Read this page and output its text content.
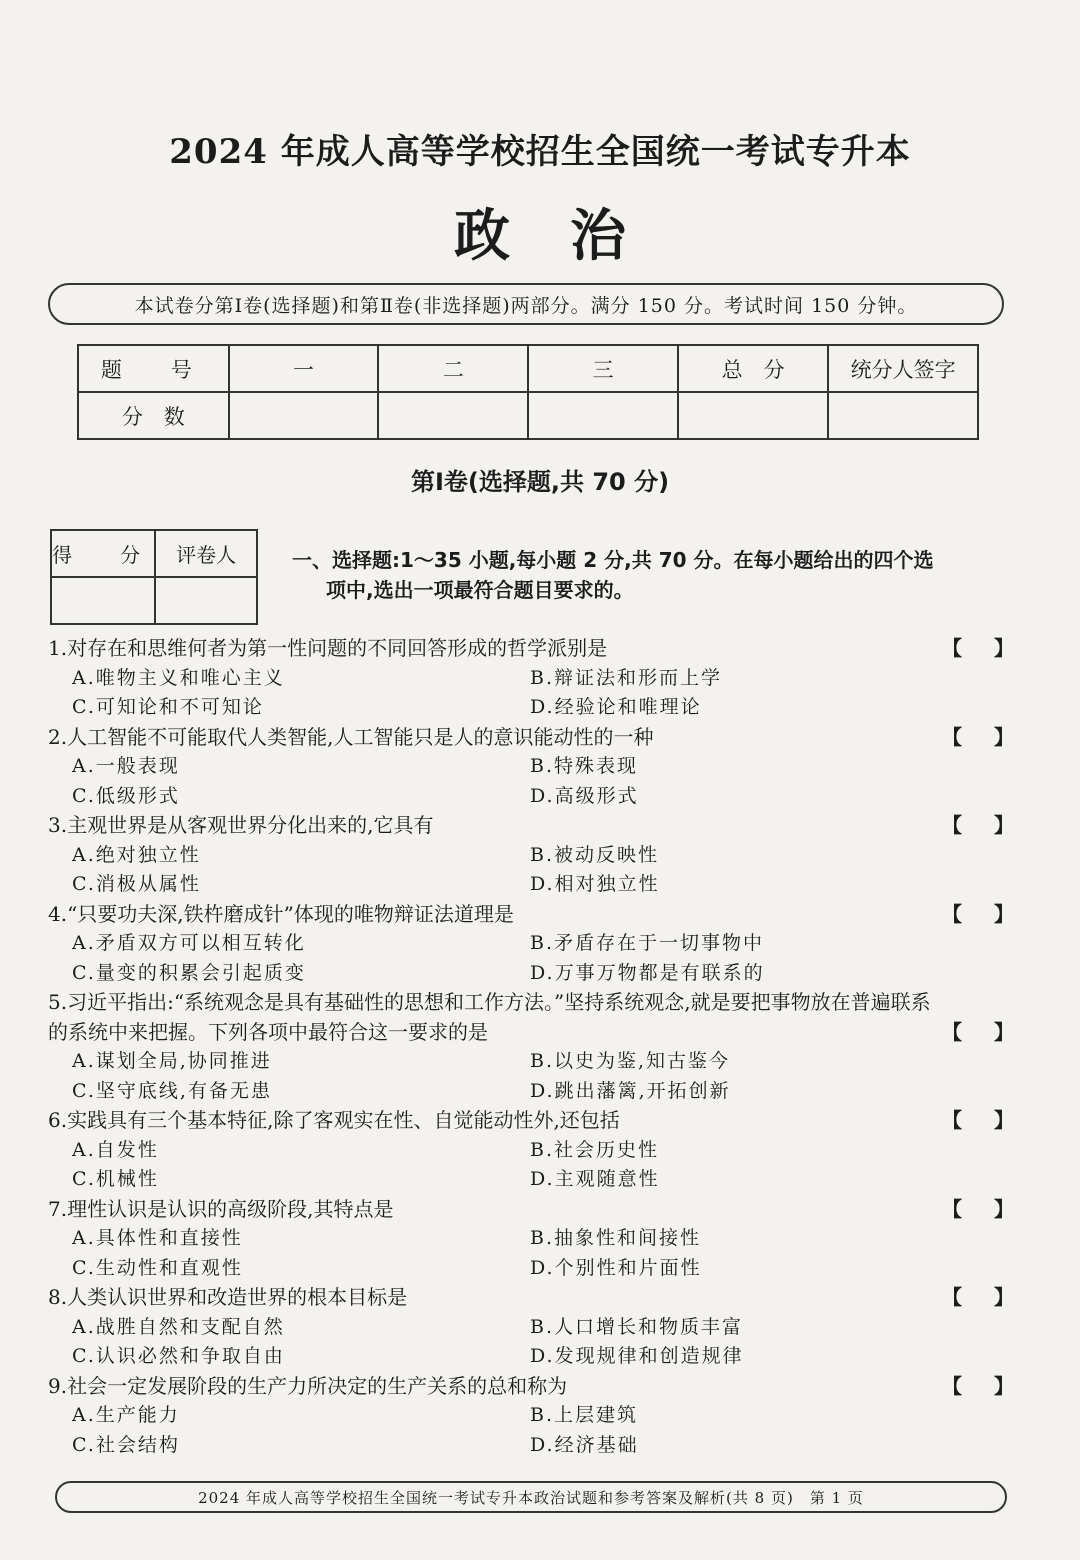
2024 年成人高等学校招生全国统一考试专升本
政治
本试卷分第Ⅰ卷(选择题)和第Ⅱ卷(非选择题)两部分。满分 150 分。考试时间 150 分钟。
题　号	一	二	三	总　分	统分人签字
分　数					
第Ⅰ卷(选择题,共 70 分)
得　分	评卷人
		一、选择题:1～35 小题,每小题 2 分,共 70 分。在每小题给出的四个选
项中,选出一项最符合题目要求的。
1.对存在和思维何者为第一性问题的不同回答形成的哲学派别是	【 】
A.唯物主义和唯心主义	B.辩证法和形而上学
C.可知论和不可知论	D.经验论和唯理论
2.人工智能不可能取代人类智能,人工智能只是人的意识能动性的一种	【 】
A.一般表现	B.特殊表现
C.低级形式	D.高级形式
3.主观世界是从客观世界分化出来的,它具有	【 】
A.绝对独立性	B.被动反映性
C.消极从属性	D.相对独立性
4.“只要功夫深,铁杵磨成针”体现的唯物辩证法道理是	【 】
A.矛盾双方可以相互转化	B.矛盾存在于一切事物中
C.量变的积累会引起质变	D.万事万物都是有联系的
5.习近平指出:“系统观念是具有基础性的思想和工作方法。”坚持系统观念,就是要把事物放在普遍联系的系统中来把握。下列各项中最符合这一要求的是	【 】
A.谋划全局,协同推进	B.以史为鉴,知古鉴今
C.坚守底线,有备无患	D.跳出藩篱,开拓创新
6.实践具有三个基本特征,除了客观实在性、自觉能动性外,还包括	【 】
A.自发性	B.社会历史性
C.机械性	D.主观随意性
7.理性认识是认识的高级阶段,其特点是	【 】
A.具体性和直接性	B.抽象性和间接性
C.生动性和直观性	D.个别性和片面性
8.人类认识世界和改造世界的根本目标是	【 】
A.战胜自然和支配自然	B.人口增长和物质丰富
C.认识必然和争取自由	D.发现规律和创造规律
9.社会一定发展阶段的生产力所决定的生产关系的总和称为	【 】
A.生产能力	B.上层建筑
C.社会结构	D.经济基础
2024 年成人高等学校招生全国统一考试专升本政治试题和参考答案及解析(共 8 页)　第 1 页
